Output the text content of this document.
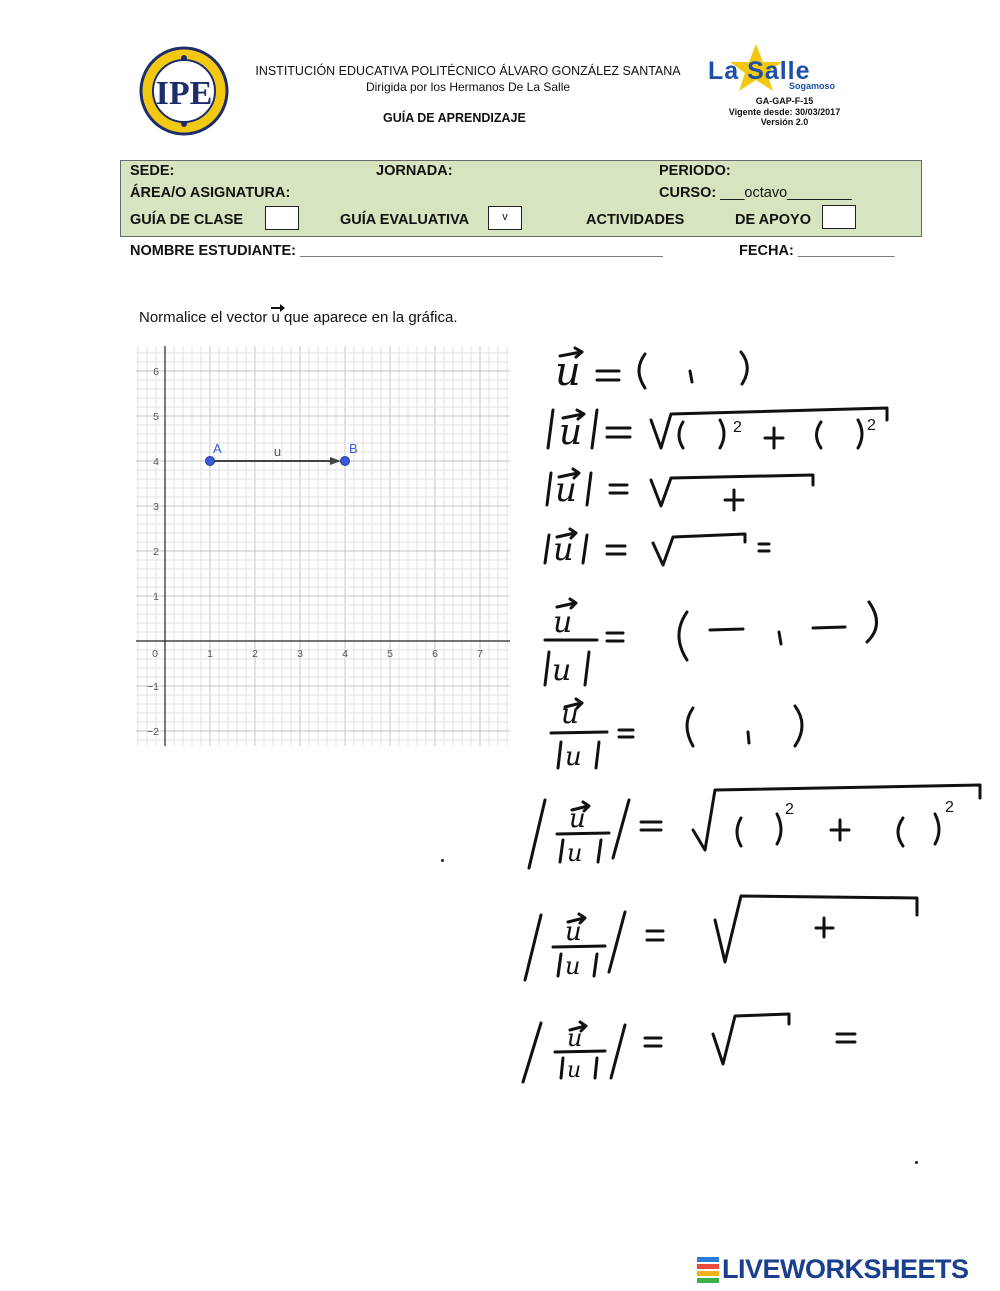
IPE
INSTITUCIÓN EDUCATIVA POLITÉCNICO ÁLVARO GONZÁLEZ SANTANA
Dirigida por los Hermanos De La Salle
GUÍA DE APRENDIZAJE
La Salle
Sogamoso
GA-GAP-F-15
Vigente desde: 30/03/2017
Versión 2.0
SEDE:	JORNADA:	PERIODO:
ÁREA/O ASIGNATURA:	CURSO: ___octavo________
GUÍA DE CLASE	GUÍA EVALUATIVA	v	ACTIVIDADES	DE APOYO
NOMBRE ESTUDIANTE: _____________________________________________	FECHA: ____________
Normalice el vector u
que aparece en la gráfica.
0	1	2	3	4	5	6	7
6
5
4
3
2
1
−1
−2
A	B
u
u
u	2	2
u
u
u
u
u
u
u
u
2	2
u
u
u
u
LIVEWORKSHEETS
